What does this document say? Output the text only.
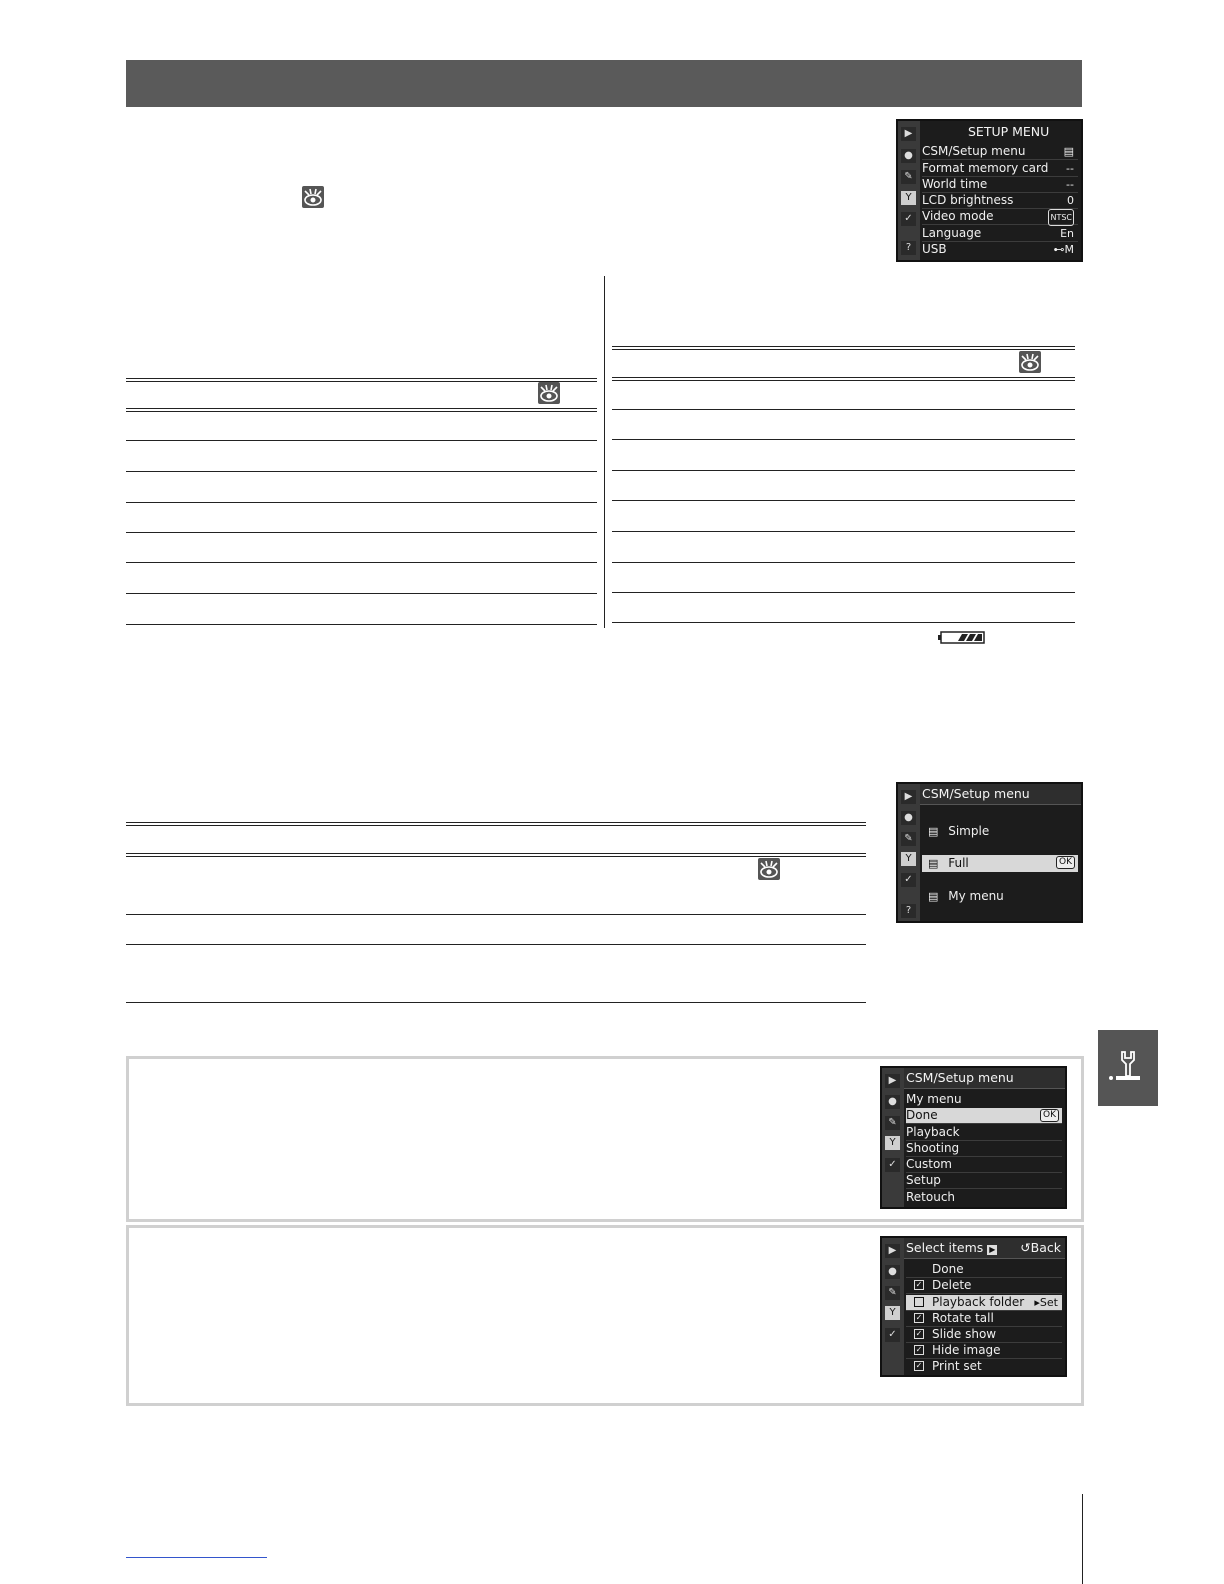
▶
●
✎
Y
✓
?
SETUP MENU
CSM/Setup menu	▤
Format memory card --
World time	--
LCD brightness	0
Video mode	NTSC
Language	En
USB	⊷M
▶
●
✎
Y
✓
?
CSM/Setup menu
▤ Simple
▤ Full	OK
▤ My menu
▶
●
✎
Y
✓
CSM/Setup menu
My menu
Done	OK
Playback
Shooting
Custom
Setup
Retouch
▶
●
✎
Y
✓
Select items ▶ ↺Back
Done
✓ Delete
Playback folder ▸Set
✓ Rotate tall
✓ Slide show
✓ Hide image
✓ Print set
